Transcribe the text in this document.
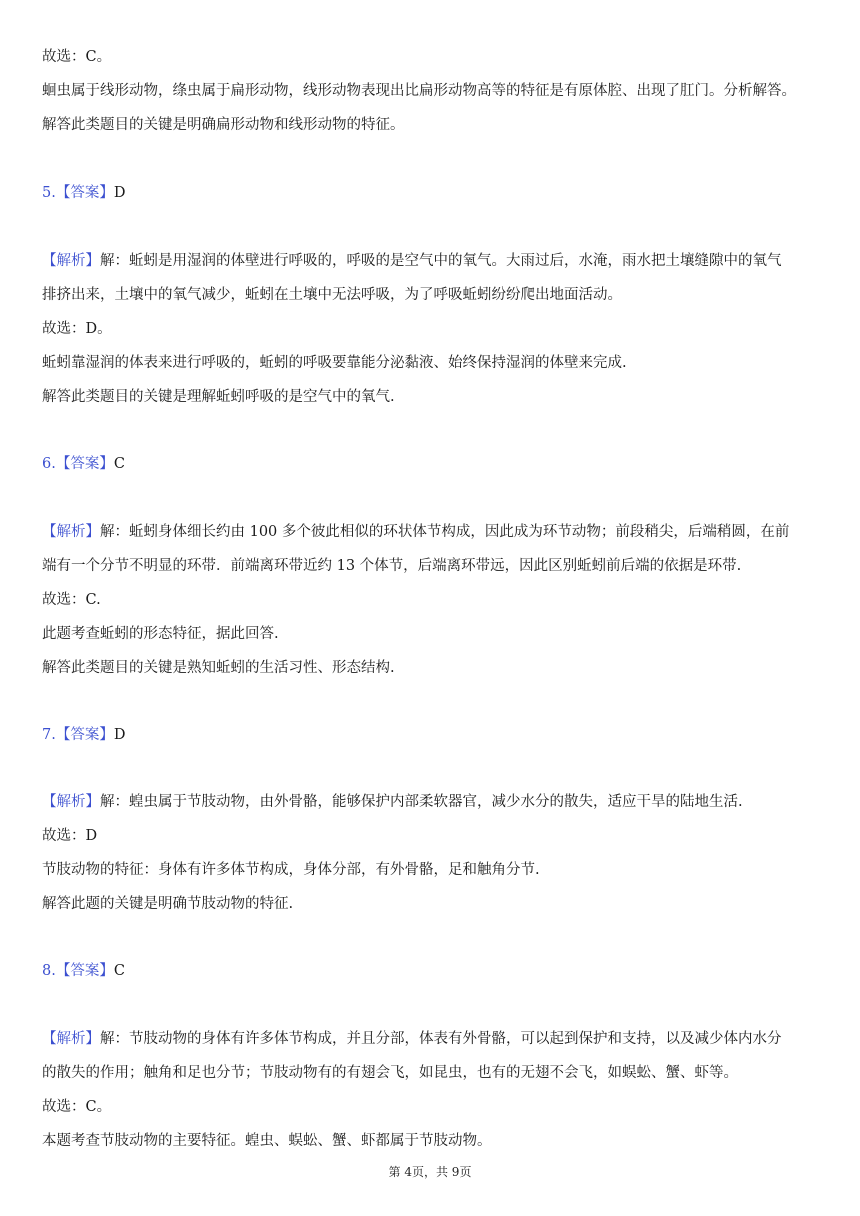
故选：C。
蛔虫属于线形动物，绦虫属于扁形动物，线形动物表现出比扁形动物高等的特征是有原体腔、出现了肛门。分析解答。
解答此类题目的关键是明确扁形动物和线形动物的特征。
5.【答案】D
【解析】解：蚯蚓是用湿润的体壁进行呼吸的，呼吸的是空气中的氧气。大雨过后，水淹，雨水把土壤缝隙中的氧气
排挤出来，土壤中的氧气减少，蚯蚓在土壤中无法呼吸，为了呼吸蚯蚓纷纷爬出地面活动。
故选：D。
蚯蚓靠湿润的体表来进行呼吸的，蚯蚓的呼吸要靠能分泌黏液、始终保持湿润的体壁来完成.
解答此类题目的关键是理解蚯蚓呼吸的是空气中的氧气.
6.【答案】C
【解析】解：蚯蚓身体细长约由 100 多个彼此相似的环状体节构成，因此成为环节动物；前段稍尖，后端稍圆，在前
端有一个分节不明显的环带．前端离环带近约 13 个体节，后端离环带远，因此区别蚯蚓前后端的依据是环带.
故选：C.
此题考查蚯蚓的形态特征，据此回答.
解答此类题目的关键是熟知蚯蚓的生活习性、形态结构.
7.【答案】D
【解析】解：蝗虫属于节肢动物，由外骨骼，能够保护内部柔软器官，减少水分的散失，适应干旱的陆地生活.
故选：D
节肢动物的特征：身体有许多体节构成，身体分部，有外骨骼，足和触角分节.
解答此题的关键是明确节肢动物的特征.
8.【答案】C
【解析】解：节肢动物的身体有许多体节构成，并且分部，体表有外骨骼，可以起到保护和支持，以及减少体内水分
的散失的作用；触角和足也分节；节肢动物有的有翅会飞，如昆虫，也有的无翅不会飞，如蜈蚣、蟹、虾等。
故选：C。
本题考查节肢动物的主要特征。蝗虫、蜈蚣、蟹、虾都属于节肢动物。
第 4页，共 9页
